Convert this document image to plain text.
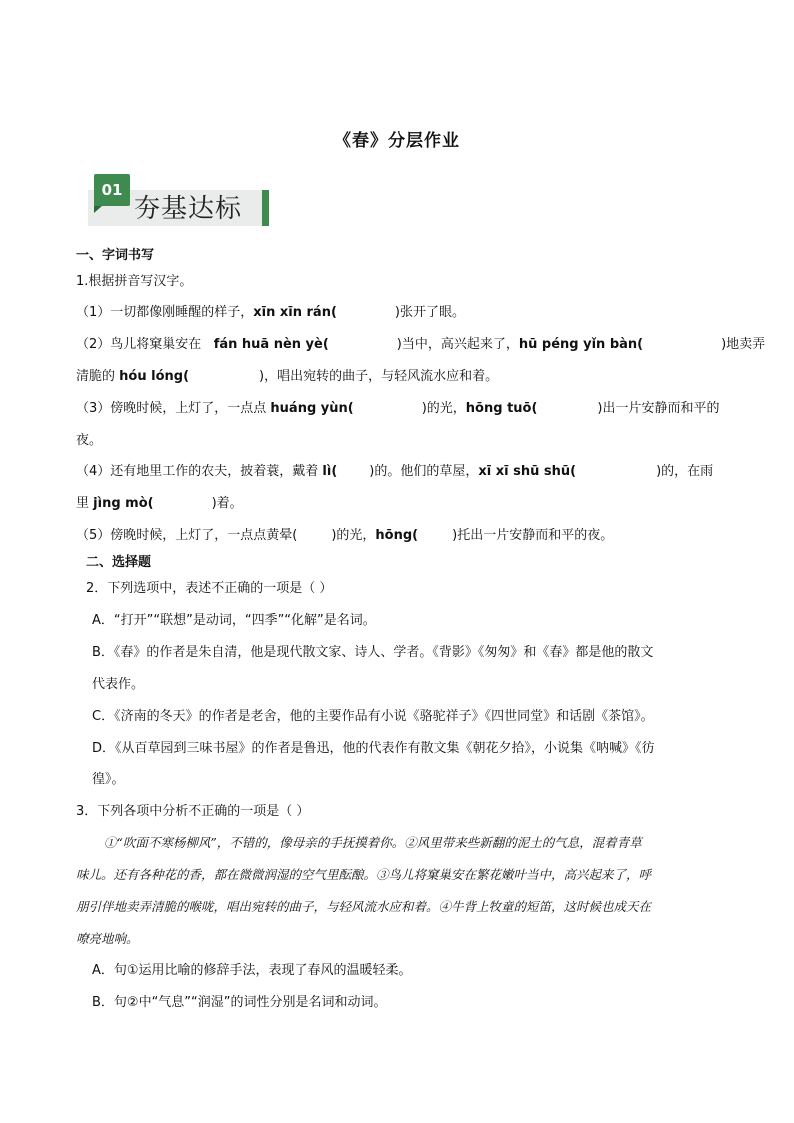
《春》分层作业
01
夯基达标
一、字词书写
1.根据拼音写汉字。
（1）一切都像刚睡醒的样子，xīn xīn rán(	)张开了眼。
（2）鸟儿将窠巢安在 fán huā nèn yè(	)当中，高兴起来了，hū péng yǐn bàn(	)地卖弄
清脆的 hóu lóng(	)，唱出宛转的曲子，与轻风流水应和着。
（3）傍晚时候，上灯了，一点点 huáng yùn(	)的光，hōng tuō(	)出一片安静而和平的
夜。
（4）还有地里工作的农夫，披着蓑，戴着 lì( )的。他们的草屋，xī xī shū shū(	)的，在雨
里 jìng mò(	)着。
（5）傍晚时候，上灯了，一点点黄晕(	)的光，hōng(	)托出一片安静而和平的夜。
二、选择题
2．下列选项中，表述不正确的一项是（ ）
A．“打开”“联想”是动词，“四季”“化解”是名词。
B．《春》的作者是朱自清，他是现代散文家、诗人、学者。《背影》《匆匆》和《春》都是他的散文
代表作。
C．《济南的冬天》的作者是老舍，他的主要作品有小说《骆驼祥子》《四世同堂》和话剧《茶馆》。
D．《从百草园到三味书屋》的作者是鲁迅，他的代表作有散文集《朝花夕拾》，小说集《呐喊》《彷
徨》。
3．下列各项中分析不正确的一项是（ ）
①“吹面不寒杨柳风”，不错的，像母亲的手抚摸着你。②风里带来些新翻的泥土的气息，混着青草
味儿。还有各种花的香，都在微微润湿的空气里酝酿。③鸟儿将窠巢安在繁花嫩叶当中，高兴起来了，呼
朋引伴地卖弄清脆的喉咙，唱出宛转的曲子，与轻风流水应和着。④牛背上牧童的短笛，这时候也成天在
嘹亮地响。
A．句①运用比喻的修辞手法，表现了春风的温暖轻柔。
B．句②中“气息”“润湿”的词性分别是名词和动词。
